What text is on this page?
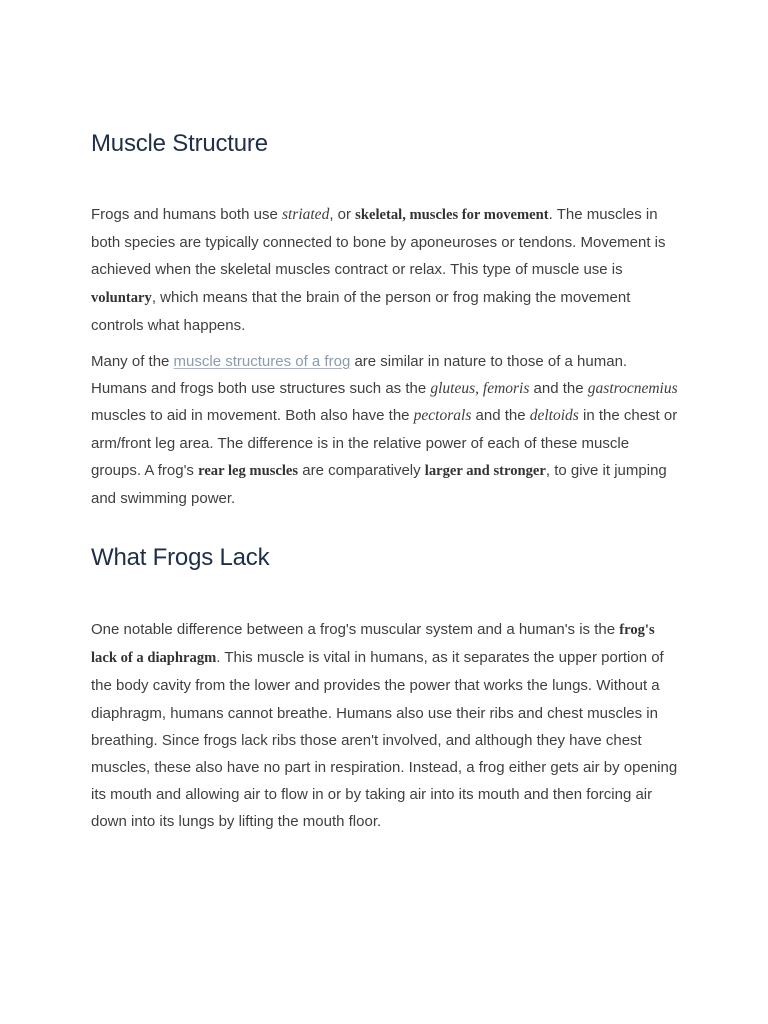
Muscle Structure

Frogs and humans both use striated, or skeletal, muscles for movement. The muscles in both species are typically connected to bone by aponeuroses or tendons. Movement is achieved when the skeletal muscles contract or relax. This type of muscle use is voluntary, which means that the brain of the person or frog making the movement controls what happens.

Many of the muscle structures of a frog are similar in nature to those of a human. Humans and frogs both use structures such as the gluteus, femoris and the gastrocnemius muscles to aid in movement. Both also have the pectorals and the deltoids in the chest or arm/front leg area. The difference is in the relative power of each of these muscle groups. A frog's rear leg muscles are comparatively larger and stronger, to give it jumping and swimming power.

What Frogs Lack

One notable difference between a frog's muscular system and a human's is the frog's lack of a diaphragm. This muscle is vital in humans, as it separates the upper portion of the body cavity from the lower and provides the power that works the lungs. Without a diaphragm, humans cannot breathe. Humans also use their ribs and chest muscles in breathing. Since frogs lack ribs those aren't involved, and although they have chest muscles, these also have no part in respiration. Instead, a frog either gets air by opening its mouth and allowing air to flow in or by taking air into its mouth and then forcing air down into its lungs by lifting the mouth floor.
